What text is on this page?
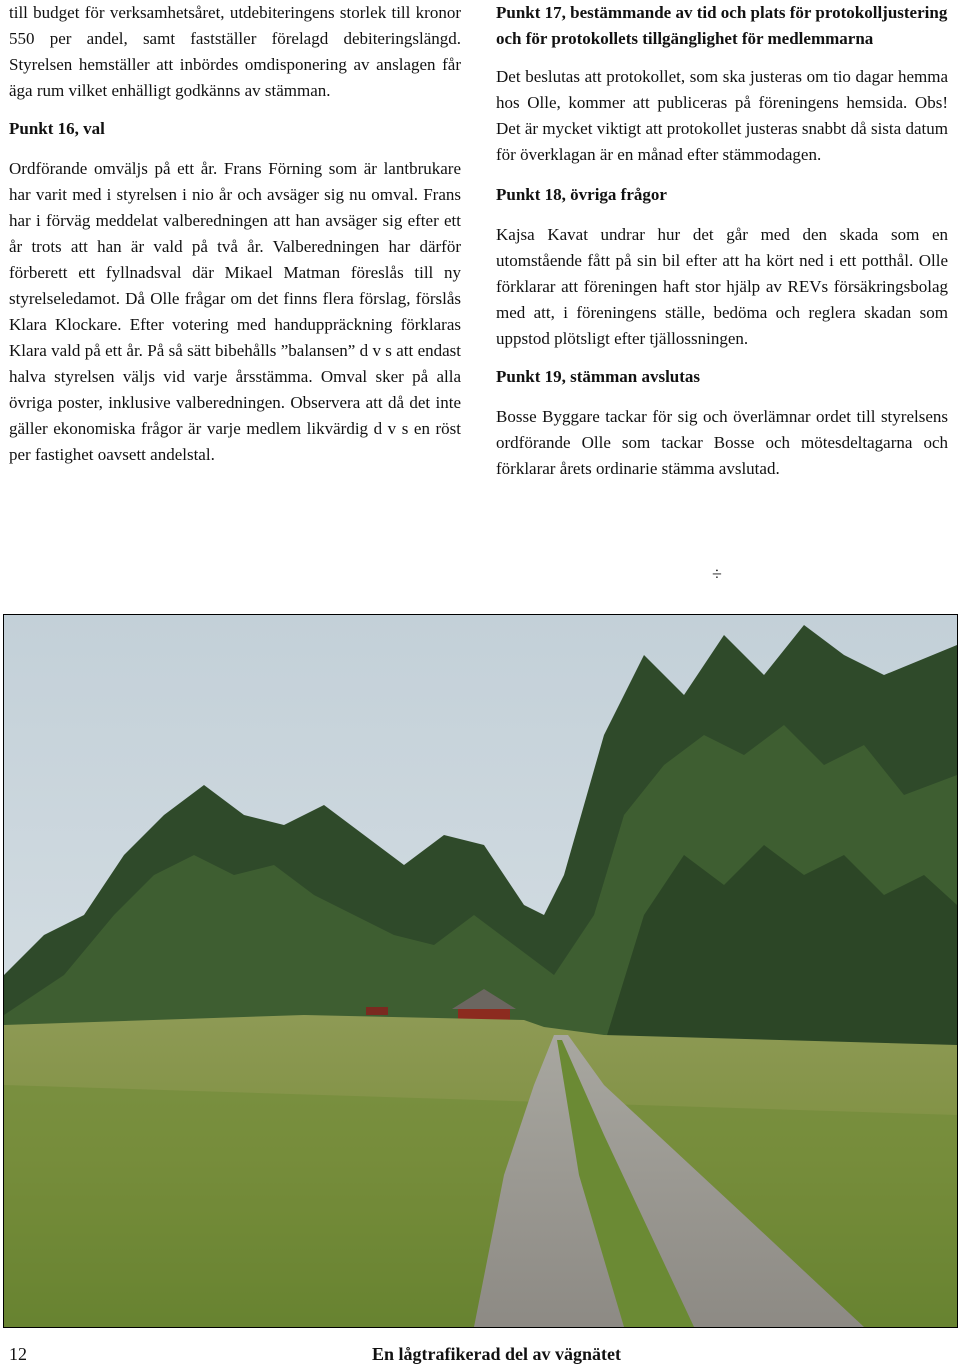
till budget för verksamhetsåret, utdebiteringens storlek till kronor 550 per andel, samt fastställer förelagd debiteringslängd. Styrelsen hemställer att inbördes omdisponering av anslagen får äga rum vilket enhälligt godkänns av stämman.

Punkt 16, val

Ordförande omväljs på ett år. Frans Förning som är lantbrukare har varit med i styrelsen i nio år och avsäger sig nu omval. Frans har i förväg meddelat valberedningen att han avsäger sig efter ett år trots att han är vald på två år. Valberedningen har därför förberett ett fyllnadsval där Mikael Matman föreslås till ny styrelseledamot. Då Olle frågar om det finns flera förslag, förslås Klara Klockare. Efter votering med handuppräckning förklaras Klara vald på ett år. På så sätt bibehålls ”balansen” d v s att endast halva styrelsen väljs vid varje årsstämma. Omval sker på alla övriga poster, inklusive valberedningen. Observera att då det inte gäller ekonomiska frågor är varje medlem likvärdig d v s en röst per fastighet oavsett andelstal.

Punkt 17, bestämmande av tid och plats för protokolljustering och för protokollets tillgänglighet för medlemmarna

Det beslutas att protokollet, som ska justeras om tio dagar hemma hos Olle, kommer att publiceras på föreningens hemsida. Obs! Det är mycket viktigt att protokollet justeras snabbt då sista datum för överklagan är en månad efter stämmodagen.

Punkt 18, övriga frågor

Kajsa Kavat undrar hur det går med den skada som en utomstående fått på sin bil efter att ha kört ned i ett potthål. Olle förklarar att föreningen haft stor hjälp av REVs försäkringsbolag med att, i föreningens ställe, bedöma och reglera skadan som uppstod plötsligt efter tjällossningen.

Punkt 19, stämman avslutas

Bosse Byggare tackar för sig och överlämnar ordet till styrelsens ordförande Olle som tackar Bosse och mötesdeltagarna och förklarar årets ordinarie stämma avslutad.

÷
12	En lågtrafikerad del av vägnätet
